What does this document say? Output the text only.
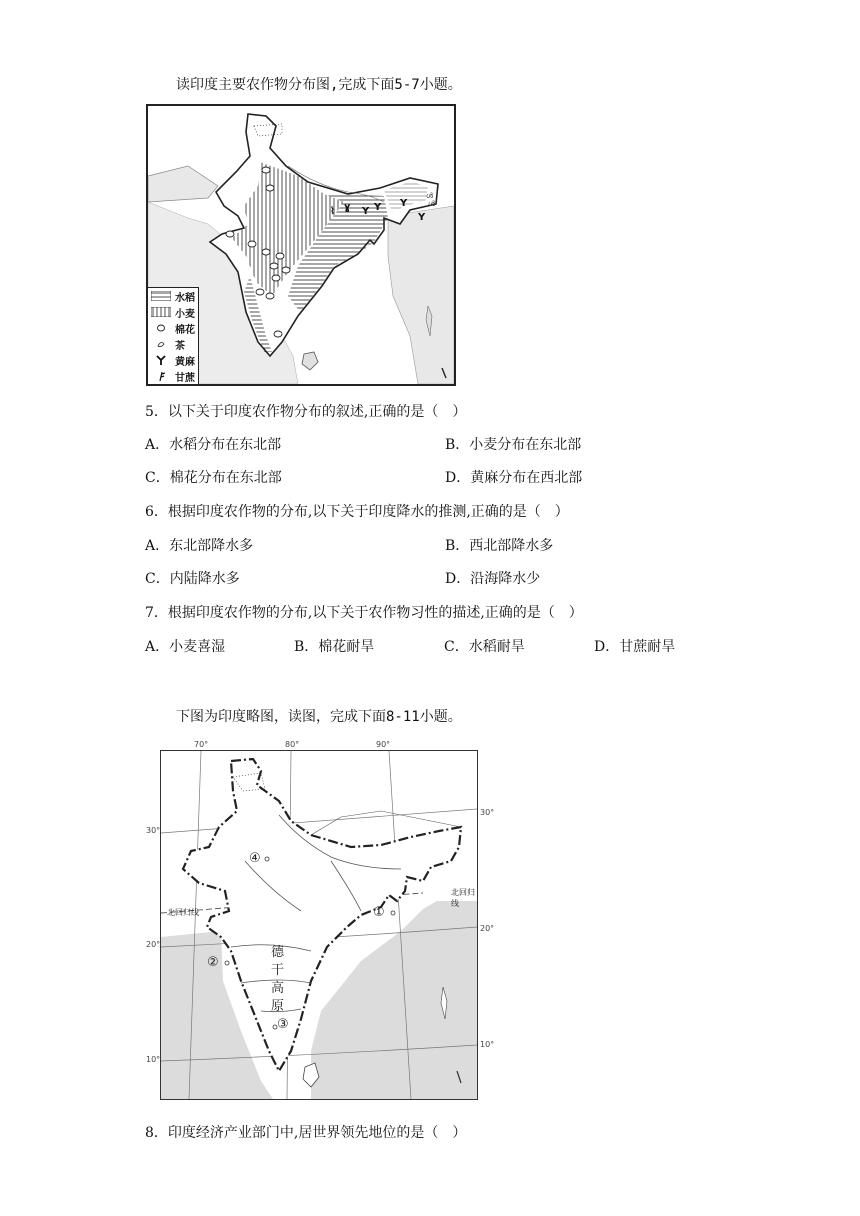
读印度主要农作物分布图,完成下面5-7小题。
ɣ Y Y Y
Y
⌇
ൾ
ൾ
水稻
小麦
棉花
茶
黄麻
甘蔗
5．以下关于印度农作物分布的叙述,正确的是（　）
A．水稻分布在东北部	B．小麦分布在东北部
C．棉花分布在东北部	D．黄麻分布在西北部
6．根据印度农作物的分布,以下关于印度降水的推测,正确的是（　）
A．东北部降水多	B．西北部降水多
C．内陆降水多	D．沿海降水少
7．根据印度农作物的分布,以下关于农作物习性的描述,正确的是（　）
A．小麦喜湿	B．棉花耐旱	C．水稻耐旱	D．甘蔗耐旱
下图为印度略图，读图，完成下面8-11小题。
70°	80°	90°
30°
20°
10°
30°
20°
10°
北回归线
北回归线
④
①
②
③
德
干
高
原
8．印度经济产业部门中,居世界领先地位的是（　）
